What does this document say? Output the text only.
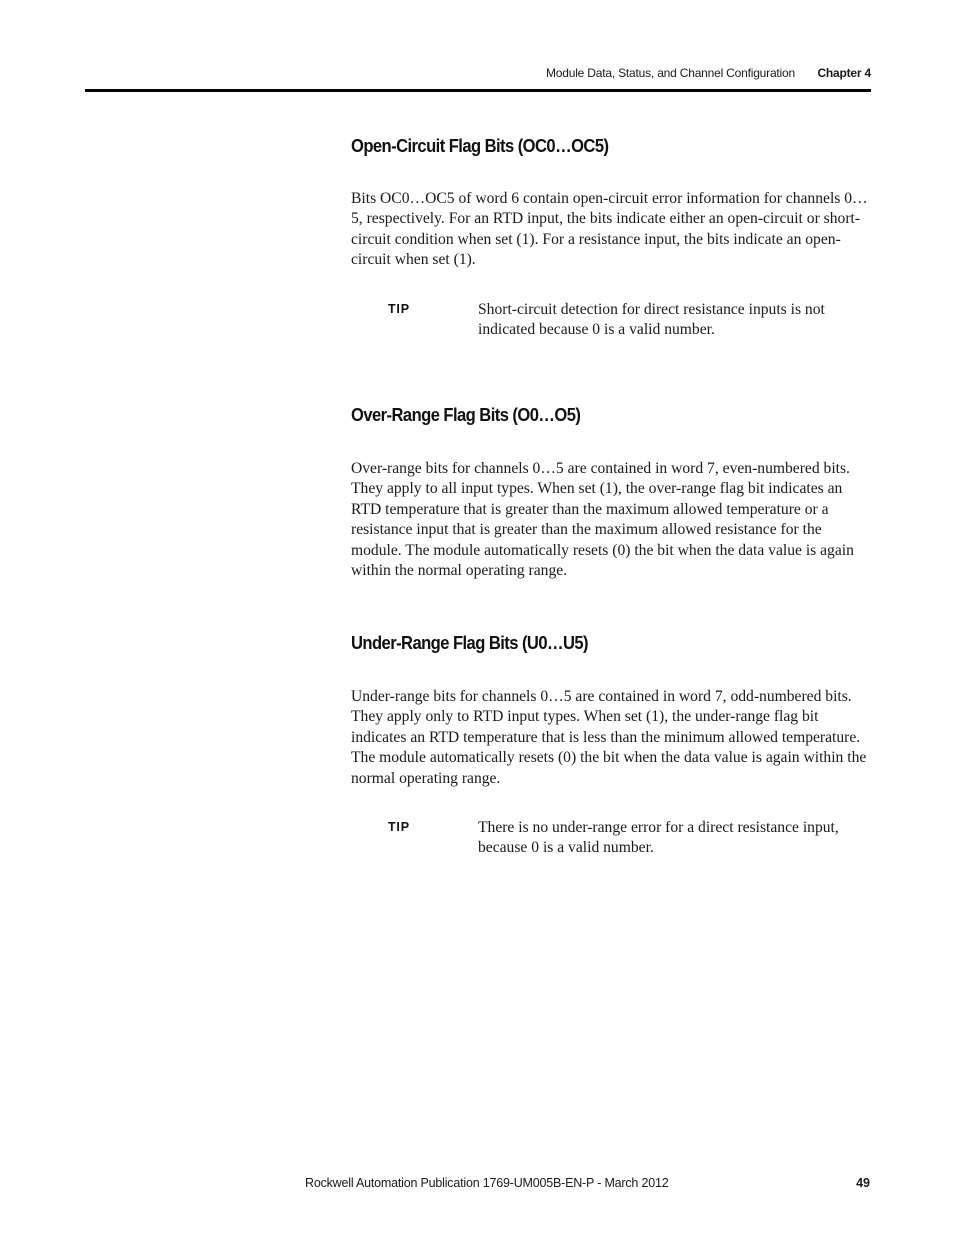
Module Data, Status, and Channel Configuration Chapter 4
Open-Circuit Flag Bits (OC0…OC5)

Bits OC0…OC5 of word 6 contain open-circuit error information for channels 0…5, respectively. For an RTD input, the bits indicate either an open-circuit or short-circuit condition when set (1). For a resistance input, the bits indicate an open-circuit when set (1).

TIP	Short-circuit detection for direct resistance inputs is not indicated because 0 is a valid number.

Over-Range Flag Bits (O0…O5)

Over-range bits for channels 0…5 are contained in word 7, even-numbered bits. They apply to all input types. When set (1), the over-range flag bit indicates an RTD temperature that is greater than the maximum allowed temperature or a resistance input that is greater than the maximum allowed resistance for the module. The module automatically resets (0) the bit when the data value is again within the normal operating range.

Under-Range Flag Bits (U0…U5)

Under-range bits for channels 0…5 are contained in word 7, odd-numbered bits. They apply only to RTD input types. When set (1), the under-range flag bit indicates an RTD temperature that is less than the minimum allowed temperature. The module automatically resets (0) the bit when the data value is again within the normal operating range.

TIP	There is no under-range error for a direct resistance input, because 0 is a valid number.

Rockwell Automation Publication 1769-UM005B-EN-P - March 2012	49
